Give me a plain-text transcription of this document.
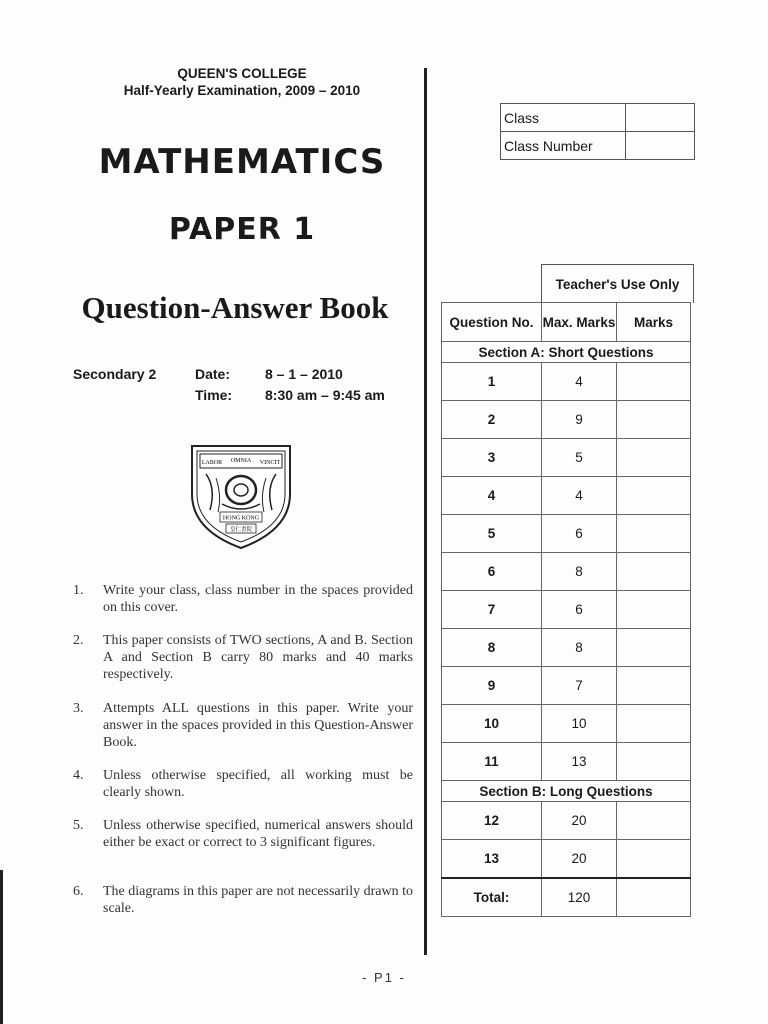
QUEEN'S COLLEGE
Half-Yearly Examination, 2009 – 2010
MATHEMATICS
PAPER 1
Question-Answer Book
Secondary 2	Date: 8 – 1 – 2010
Time: 8:30 am – 9:45 am
LABOR OMNIA VINCIT
HONG KONG
皇仁書院
1. Write your class, class number in the spaces provided on this cover.
2. This paper consists of TWO sections, A and B. Section A and Section B carry 80 marks and 40 marks respectively.
3. Attempts ALL questions in this paper. Write your answer in the spaces provided in this Question-Answer Book.
4. Unless otherwise specified, all working must be clearly shown.
5. Unless otherwise specified, numerical answers should either be exact or correct to 3 significant figures.
6. The diagrams in this paper are not necessarily drawn to scale.
Class	
Class Number	
Teacher's Use Only
Question No.	Max. Marks	Marks
Section A: Short Questions		
1	4	
2	9	
3	5	
4	4	
5	6	
6	8	
7	6	
8	8	
9	7	
10	10	
11	13	
Section B: Long Questions		
12	20	
13	20	
Total:	120	
- P1 -
